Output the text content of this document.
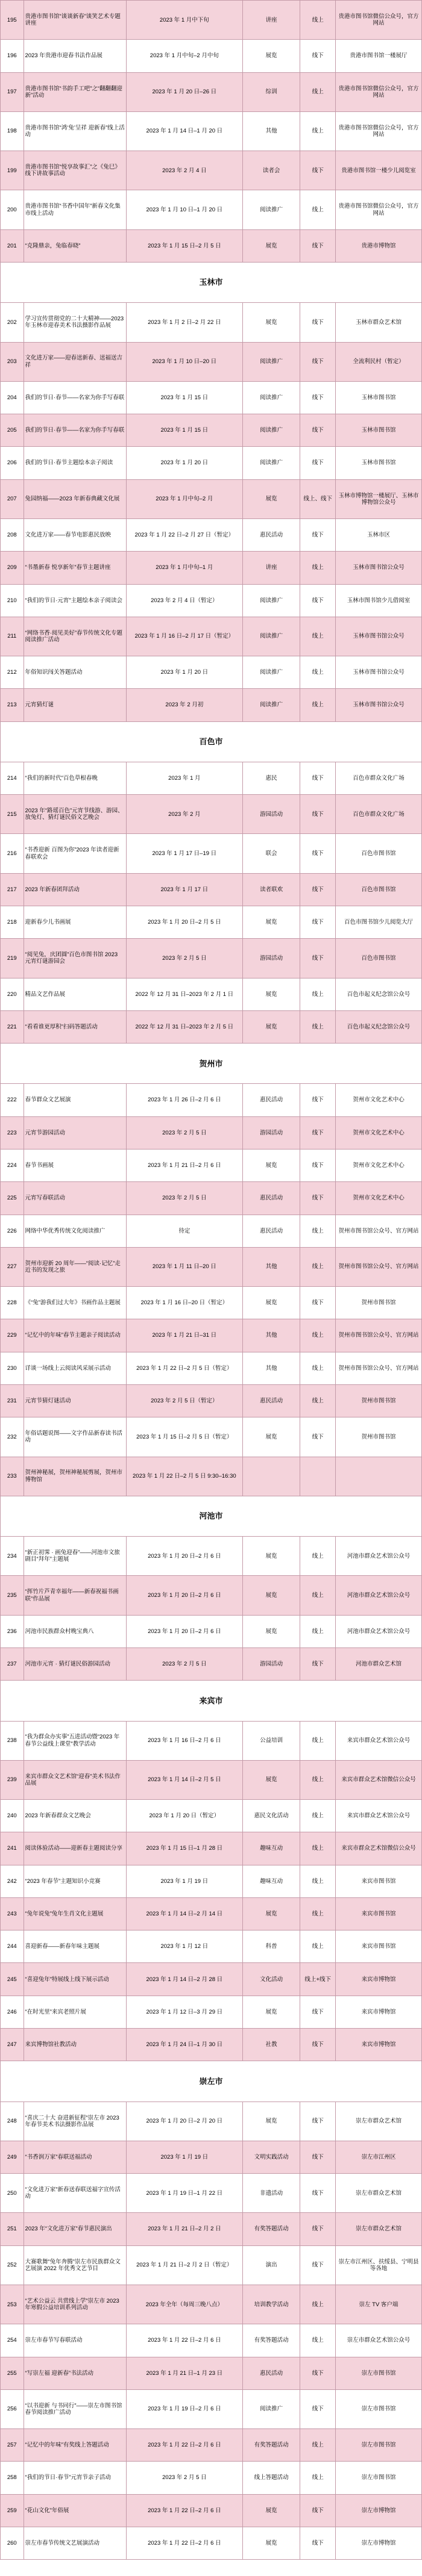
195	贵港市图书馆“谈谈新春”谈笑艺术专题讲座	2023 年 1 月中下旬	讲座	线上	贵港市图书馆微信公众号，官方网站
196	2023 年贵港市迎春书法作品展	2023 年 1 月中旬–2 月中旬	展览	线下	贵港市图书馆一楼展厅
197	贵港市图书馆“书韵手工吧”之“翻翻翻迎新”活动	2023 年 1 月 20 日–26 日	综训	线上	贵港市图书馆微信公众号，官方网站
198	贵港市图书馆“鸿‘兔’呈祥 迎新春”线上活动	2023 年 1 月 14 日–1 月 20 日	其他	线上	贵港市图书馆微信公众号，官方网站
199	贵港市图书馆“悦享故事汇”之《兔巳》线下讲故事活动	2023 年 2 月 4 日	读者会	线下	贵港市图书馆一楼少儿阅览室
200	贵港市图书馆“书香中国年”新春文化集市线上活动	2023 年 1 月 10 日–1 月 20 日	阅读推广	线上	贵港市图书馆微信公众号，官方网站
201	“克隆鼎亲，兔临春晓”	2023 年 1 月 15 日–2 月 5 日	展览	线下	贵港市博物馆
玉林市					
202	学习宣传贯彻党的二十大精神——2023 年玉林市迎春美术书法摄影作品展	2023 年 1 月 2 日–2 月 22 日	展览	线下	玉林市群众艺术馆
203	文化进万家——迎春送新春、送福送吉祥	2023 年 1 月 10 日–20 日	阅读推广	线下	全流利民村（暂定）
204	我们的节日·春节——名家为你手写春联	2023 年 1 月 15 日	阅读推广	线下	玉林市图书馆
205	我们的节日·春节——名家为你手写春联	2023 年 1 月 15 日	阅读推广	线下	玉林市图书馆
206	我们的节日·春节主题绘本亲子阅读	2023 年 1 月 20 日	阅读推广	线下	玉林市图书馆
207	兔园纳福——2023 年新春典藏文化展	2023 年 1 月中旬–2 月	展览	线上、线下	玉林市博物馆一楼展厅、玉林市博物馆公众号
208	文化进万家——春节电影惠民放映	2023 年 1 月 22 日–2 月 27 日（暂定）	惠民活动	线下	玉林市区
209	“书墨新春 悦享新年”春节主题讲座	2023 年 1 月中旬–1 月	讲座	线上	玉林市图书馆公众号
210	“我们的节日·元宵”主题绘本亲子阅读会	2023 年 2 月 4 日（暂定）	阅读推广	线下	玉林市图书馆少儿借阅室
211	“网络书香·阅见美好”春节传统文化专题阅读推广活动	2023 年 1 月 16 日–2 月 17 日（暂定）	阅读推广	线上	玉林市图书馆公众号
212	年俗知识闯关答题活动	2023 年 1 月 20 日	阅读推广	线上	玉林市图书馆公众号
213	元宵猜灯谜	2023 年 2 月初	阅读推广	线上	玉林市图书馆公众号
百色市					
214	“我们的新时代”百色草根春晚	2023 年 1 月	惠民	线下	百色市群众文化广场
215	2023 年“路瑶百色”元宵节线游、游园、放兔灯、猜灯谜民俗文艺晚会	2023 年 2 月	游园活动	线下	百色市群众文化广场
216	“书香迎新 百图为你”2023 年读者迎新春联欢会	2023 年 1 月 17 日–19 日	联会	线下	百色市图书馆
217	2023 年新春团拜活动	2023 年 1 月 17 日	读者联欢	线下	百色市图书馆
218	迎新春少儿书画展	2023 年 1 月 20 日–2 月 5 日	展览	线下	百色市图书馆少儿阅览大厅
219	“阅见兔，庆团圆”百色市图书馆 2023 元宵灯谜游园会	2023 年 2 月 5 日	游园活动	线下	百色市图书馆
220	精品文艺作品展	2022 年 12 月 31 日–2023 年 2 月 1 日	展览	线上	百色市起义纪念馆公众号
221	“看看谁更厚积”扫码答题活动	2022 年 12 月 31 日–2023 年 2 月 5 日	展览	线上	百色市起义纪念馆公众号
贺州市					
222	春节群众文艺展演	2023 年 1 月 26 日–2 月 6 日	惠民活动	线下	贺州市文化艺术中心
223	元宵节游园活动	2023 年 2 月 5 日	游园活动	线下	贺州市文化艺术中心
224	春节书画展	2023 年 1 月 21 日–2 月 6 日	展览	线下	贺州市文化艺术中心
225	元宵写春联活动	2023 年 2 月 5 日	惠民活动	线下	贺州市文化艺术中心
226	网络中华优秀传统文化阅读推广	待定	惠民活动	线上	贺州市图书馆公众号、官方网站
227	贺州市迎新 20 周年——“阅读·记忆”走近书的发现之旅	2023 年 1 月 11 日–20 日	其他	线上	贺州市图书馆公众号、官方网站
228	《“兔”游我们过大年》书画作品主题展	2023 年 1 月 16 日–20 日（暂定）	展览	线下	贺州市图书馆
229	“记忆中的年味”春节主题亲子阅读活动	2023 年 1 月 21 日–31 日	其他	线上	贺州市图书馆公众号、官方网站
230	详谈一场线上云阅读风采展示活动	2023 年 1 月 22 日–2 月 5 日（暂定）	其他	线上	贺州市图书馆公众号、官方网站
231	元宵节猜灯谜活动	2023 年 2 月 5 日（暂定）	惠民活动	线上	贺州市图书馆
232	年俗话题说图——文字作品新春读书活动	2023 年 1 月 15 日–2 月 5 日（暂定）	展览	线下	贺州市图书馆
233	贺州神秘展，贺州神秘展剪展，贺州市博物馆	2023 年 1 月 22 日–2 月 5 日 9:30–16:30			
河池市					
234	“新正初霁 · 画兔迎春”——河池市文旅剧目“拜年”主题展	2023 年 1 月 20 日–2 月 6 日	展览	线上	河池市群众艺术馆公众号
235	“挥竹片芦青幸福年——新春祝福书画联”作品展	2023 年 1 月 20 日–2 月 6 日	展览	线上	河池市群众艺术馆公众号
236	河池市民族群众村晚宝典八	2023 年 1 月 20 日–2 月 6 日	展览	线上	河池市群众艺术馆公众号
237	河池市元宵 · 猜灯谜民俗游园活动	2023 年 2 月 5 日	游园活动	线下	河池市群众艺术馆
来宾市					
238	“我为群众办实事”五进活动暨“2023 年春节公益线上课堂”教学活动	2023 年 1 月 16 日–2 月 6 日	公益培训	线上	来宾市群众艺术馆公众号
239	来宾市群众文艺术馆“迎春”美术书法作品展	2023 年 1 月 14 日–2 月 5 日	展览	线上	来宾市群众艺术馆微信公众号
240	2023 年新春群众文艺晚会	2023 年 1 月 20 日（暂定）	惠民文化活动	线上	来宾市群众艺术馆公众号
241	阅读体验活动——迎新春主题阅读分享	2023 年 1 月 15 日–1 月 28 日	趣味互动	线上	来宾市群众艺术馆微信公众号
242	“2023 年春节”主题知识小竞赛	2023 年 1 月 19 日	趣味互动	线上	来宾市图书馆
243	“兔年说兔”兔年生肖文化主题展	2023 年 1 月 14 日–2 月 14 日	展览	线上	来宾市图书馆
244	喜迎新春——新春年味主题展	2023 年 1 月 12 日	科普	线上	来宾市图书馆
245	“喜迎兔年”特展线上线下展示活动	2023 年 1 月 14 日–2 月 28 日	文化活动	线上+线下	来宾市博物馆
246	“在时光里”来宾老照片展	2023 年 1 月 12 日–3 月 29 日	展览	线下	来宾市博物馆
247	来宾博物馆社教活动	2023 年 1 月 24 日–1 月 30 日	社教	线下	来宾市博物馆
崇左市					
248	“喜庆二十大 奋进新征程”崇左市 2023 年春节美术书法摄影作品展	2023 年 1 月 20 日–2 月 20 日	展览	线下	崇左市群众艺术馆
249	“书香润万家”春联送福活动	2023 年 1 月 19 日	文明实践活动	线下	崇左市江州区
250	“文化进万家”新春送春联送福字宣传活动	2023 年 1 月 19 日–1 月 22 日	非遗活动	线下	崇左市群众艺术馆
251	2023 年“文化进万家”春节惠民演出	2023 年 1 月 21 日–2 月 2 日	有奖答题活动	线下	崇左市群众艺术馆
252	大赛歌舞“兔年奔腾”崇左市民族群众文艺展演 2022 年优秀文艺节目	2023 年 1 月 21 日–2 月 2 日（暂定）	演出	线下	崇左市江州区、扶绥县、宁明县等各地
253	“艺术公益云 共赏线上学”崇左市 2023 年寒假公益培训系列活动	2023 年全年（每周三晚八点）	培训教学活动	线上	崇左 TV 客户端
254	崇左市春节写春联活动	2023 年 1 月 22 日–2 月 6 日	有奖答题活动	线上	崇左市群众艺术馆公众号
255	“写崇左福 迎新春”书法活动	2023 年 1 月 21 日–1 月 23 日	惠民活动	线下	崇左市图书馆
256	“以书迎新 与书同行”——崇左市图书馆春节阅读推广活动	2023 年 1 月 19 日–2 月 6 日	阅读推广	线下	崇左市图书馆
257	“记忆中的年味”有奖线上答题活动	2023 年 1 月 22 日–2 月 6 日	有奖答题活动	线上	崇左市图书馆
258	“我们的节日·春节”元宵节亲子活动	2023 年 2 月 5 日	线上答题活动	线上	崇左市图书馆
259	“花山文化”年俗展	2023 年 1 月 22 日–2 月 6 日	展览	线下	崇左市博物馆
260	崇左市春节传统文艺展演活动	2023 年 1 月 22 日–2 月 6 日	展览	线下	崇左市博物馆
